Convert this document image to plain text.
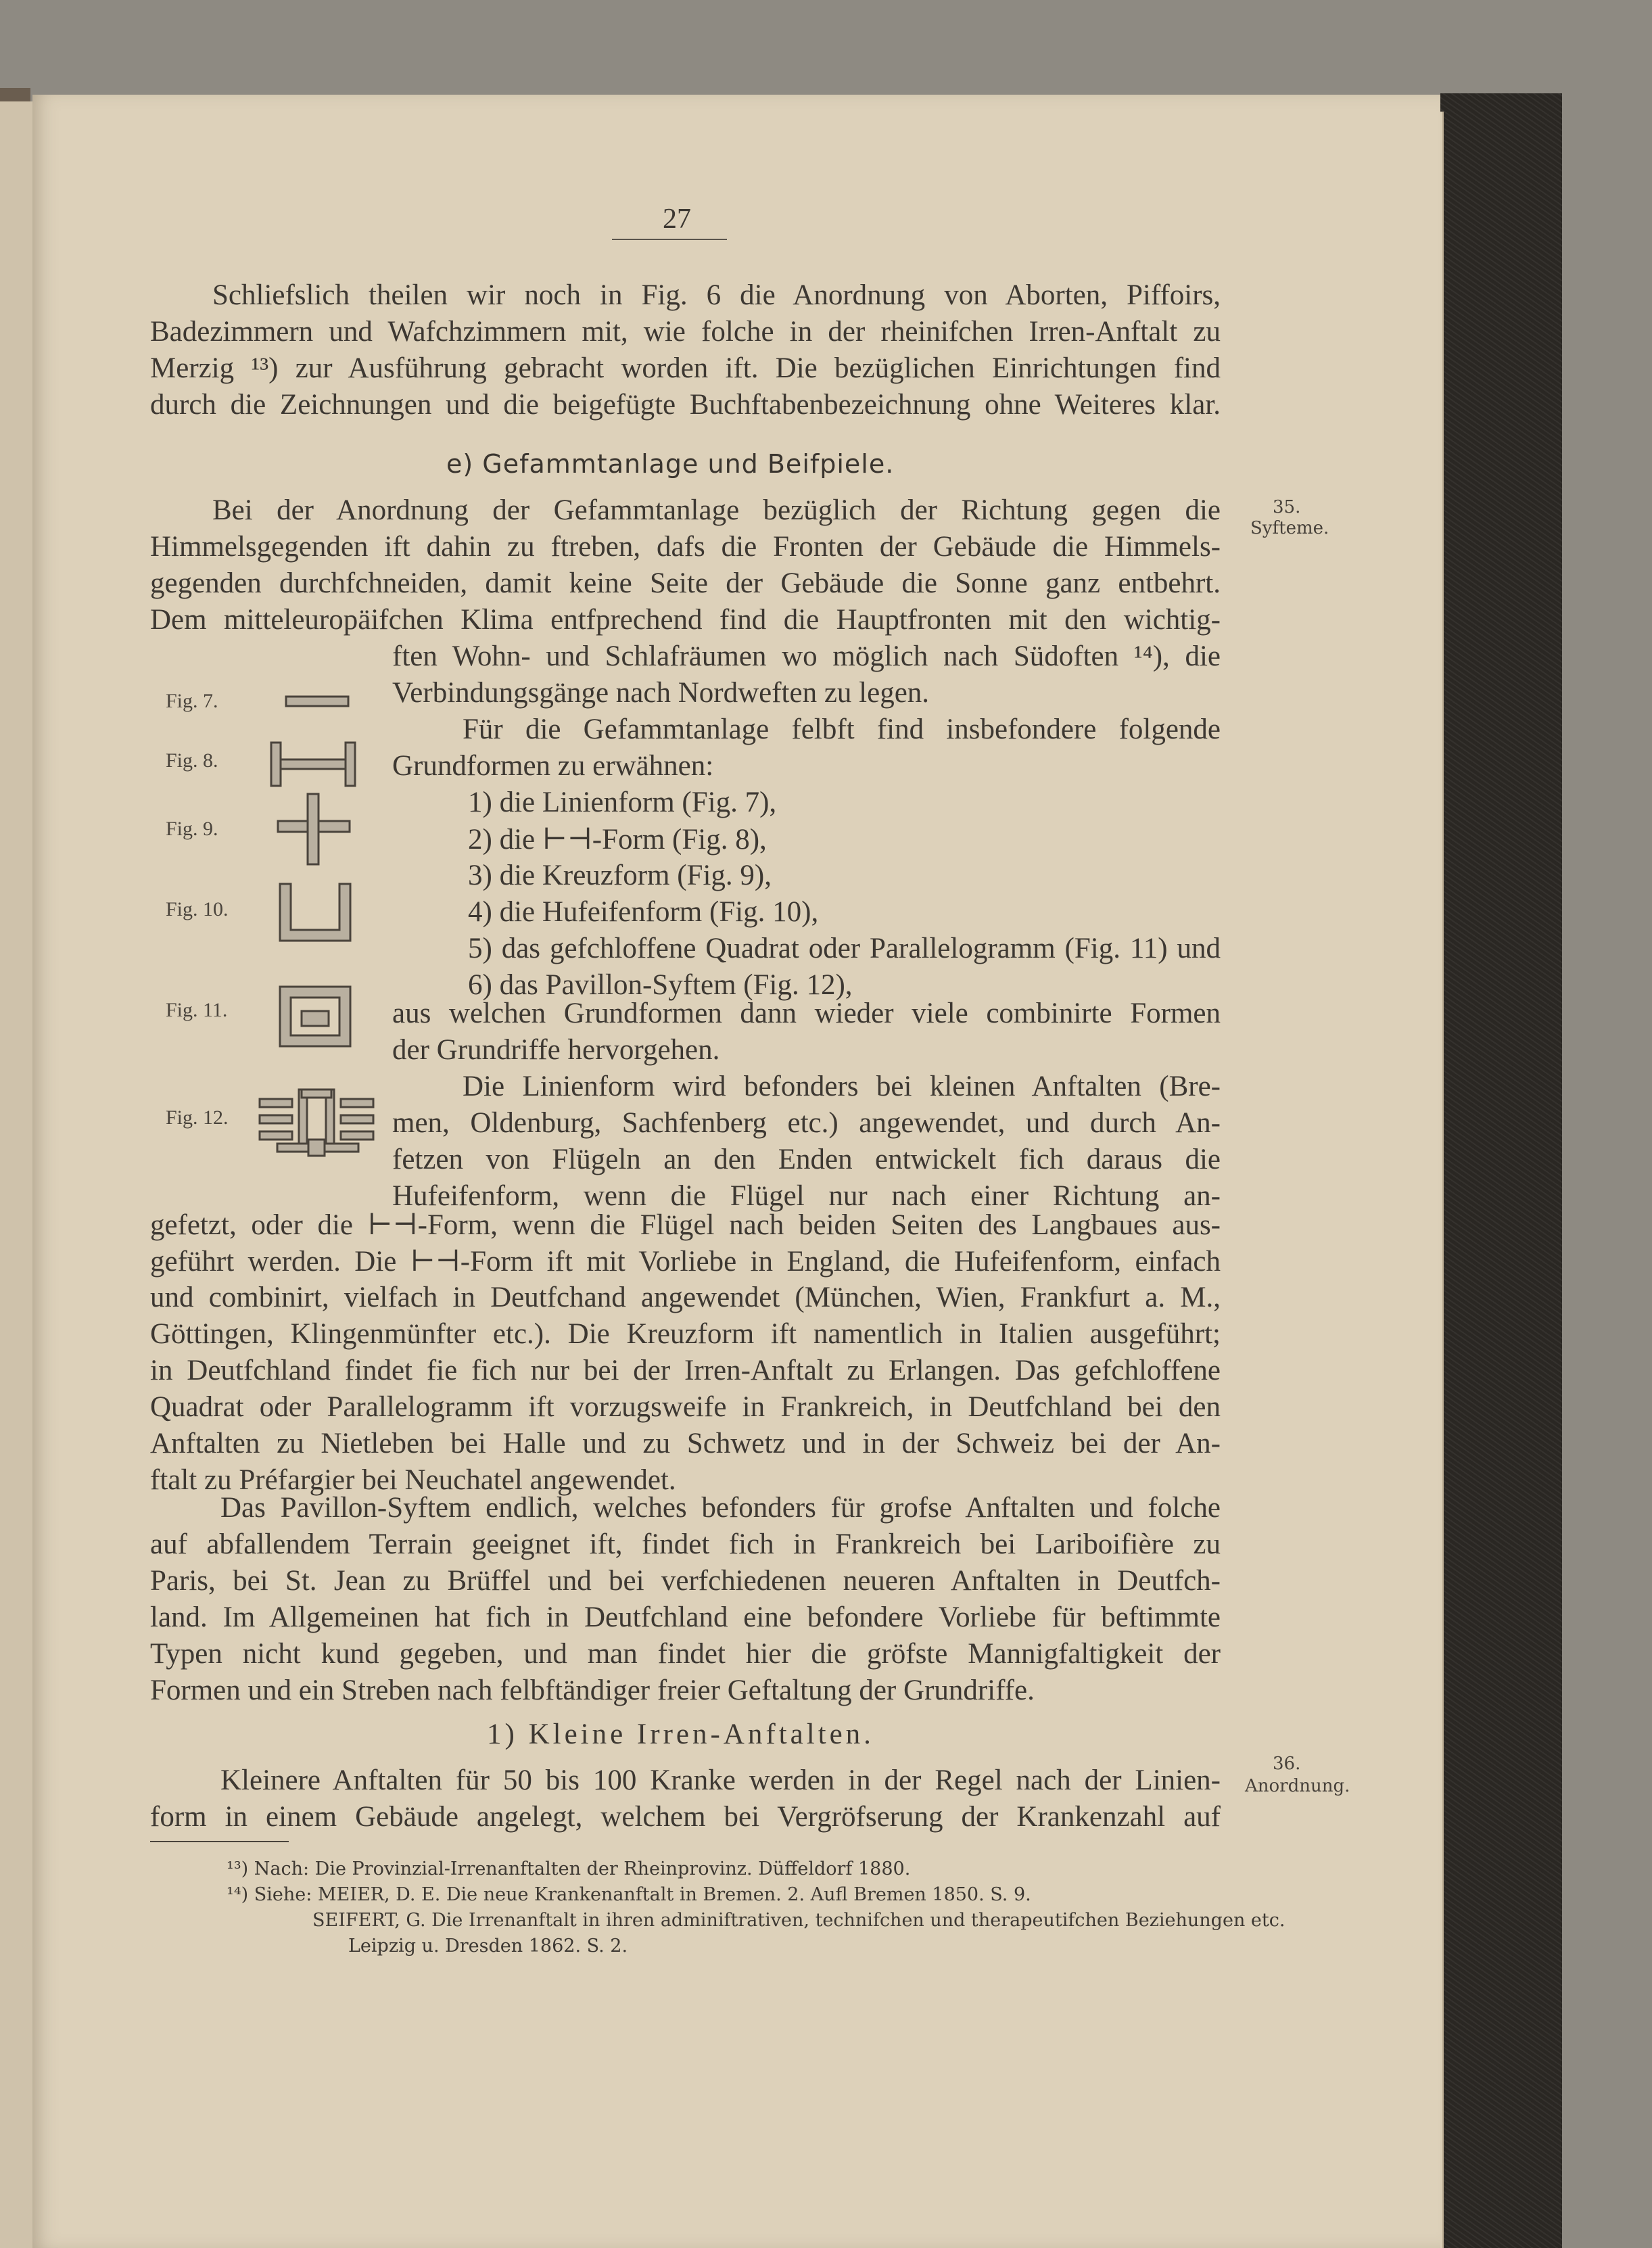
27
Schliefslich theilen wir noch in Fig. 6 die Anordnung von Aborten, Piffoirs,
Badezimmern und Wafchzimmern mit, wie folche in der rheinifchen Irren-Anftalt zu
Merzig ¹³) zur Ausführung gebracht worden ift. Die bezüglichen Einrichtungen find
durch die Zeichnungen und die beigefügte Buchftabenbezeichnung ohne Weiteres klar.
e) Gefammtanlage und Beifpiele.
35.
Syfteme.
Bei der Anordnung der Gefammtanlage bezüglich der Richtung gegen die
Himmelsgegenden ift dahin zu ftreben, dafs die Fronten der Gebäude die Himmels-
gegenden durchfchneiden, damit keine Seite der Gebäude die Sonne ganz entbehrt.
Dem mitteleuropäifchen Klima entfprechend find die Hauptfronten mit den wichtig-
ften Wohn- und Schlafräumen wo möglich nach Südoften ¹⁴), die
Verbindungsgänge nach Nordweften zu legen.
Für die Gefammtanlage felbft find insbefondere folgende
Grundformen zu erwähnen:
1) die Linienform (Fig. 7),
2) die ⊢⊣-Form (Fig. 8),
3) die Kreuzform (Fig. 9),
4) die Hufeifenform (Fig. 10),
5) das gefchloffene Quadrat oder Parallelogramm (Fig. 11) und
6) das Pavillon-Syftem (Fig. 12),
aus welchen Grundformen dann wieder viele combinirte Formen
der Grundriffe hervorgehen.
Die Linienform wird befonders bei kleinen Anftalten (Bre-
men, Oldenburg, Sachfenberg etc.) angewendet, und durch An-
fetzen von Flügeln an den Enden entwickelt fich daraus die
Hufeifenform, wenn die Flügel nur nach einer Richtung an-
gefetzt, oder die ⊢⊣-Form, wenn die Flügel nach beiden Seiten des Langbaues aus-
geführt werden. Die ⊢⊣-Form ift mit Vorliebe in England, die Hufeifenform, einfach
und combinirt, vielfach in Deutfchand angewendet (München, Wien, Frankfurt a. M.,
Göttingen, Klingenmünfter etc.). Die Kreuzform ift namentlich in Italien ausgeführt;
in Deutfchland findet fie fich nur bei der Irren-Anftalt zu Erlangen. Das gefchloffene
Quadrat oder Parallelogramm ift vorzugsweife in Frankreich, in Deutfchland bei den
Anftalten zu Nietleben bei Halle und zu Schwetz und in der Schweiz bei der An-
ftalt zu Préfargier bei Neuchatel angewendet.
Das Pavillon-Syftem endlich, welches befonders für grofse Anftalten und folche
auf abfallendem Terrain geeignet ift, findet fich in Frankreich bei Lariboifière zu
Paris, bei St. Jean zu Brüffel und bei verfchiedenen neueren Anftalten in Deutfch-
land. Im Allgemeinen hat fich in Deutfchland eine befondere Vorliebe für beftimmte
Typen nicht kund gegeben, und man findet hier die gröfste Mannigfaltigkeit der
Formen und ein Streben nach felbftändiger freier Geftaltung der Grundriffe.
1) Kleine Irren-Anftalten.
36.
Anordnung.
Kleinere Anftalten für 50 bis 100 Kranke werden in der Regel nach der Linien-
form in einem Gebäude angelegt, welchem bei Vergröfserung der Krankenzahl auf
¹³) Nach: Die Provinzial-Irrenanftalten der Rheinprovinz. Düffeldorf 1880.
¹⁴) Siehe: MEIER, D. E. Die neue Krankenanftalt in Bremen. 2. Aufl Bremen 1850. S. 9.
SEIFERT, G. Die Irrenanftalt in ihren adminiftrativen, technifchen und therapeutifchen Beziehungen etc.
Leipzig u. Dresden 1862. S. 2.
Fig. 7.
Fig. 8.
Fig. 9.
Fig. 10.
Fig. 11.
Fig. 12.
